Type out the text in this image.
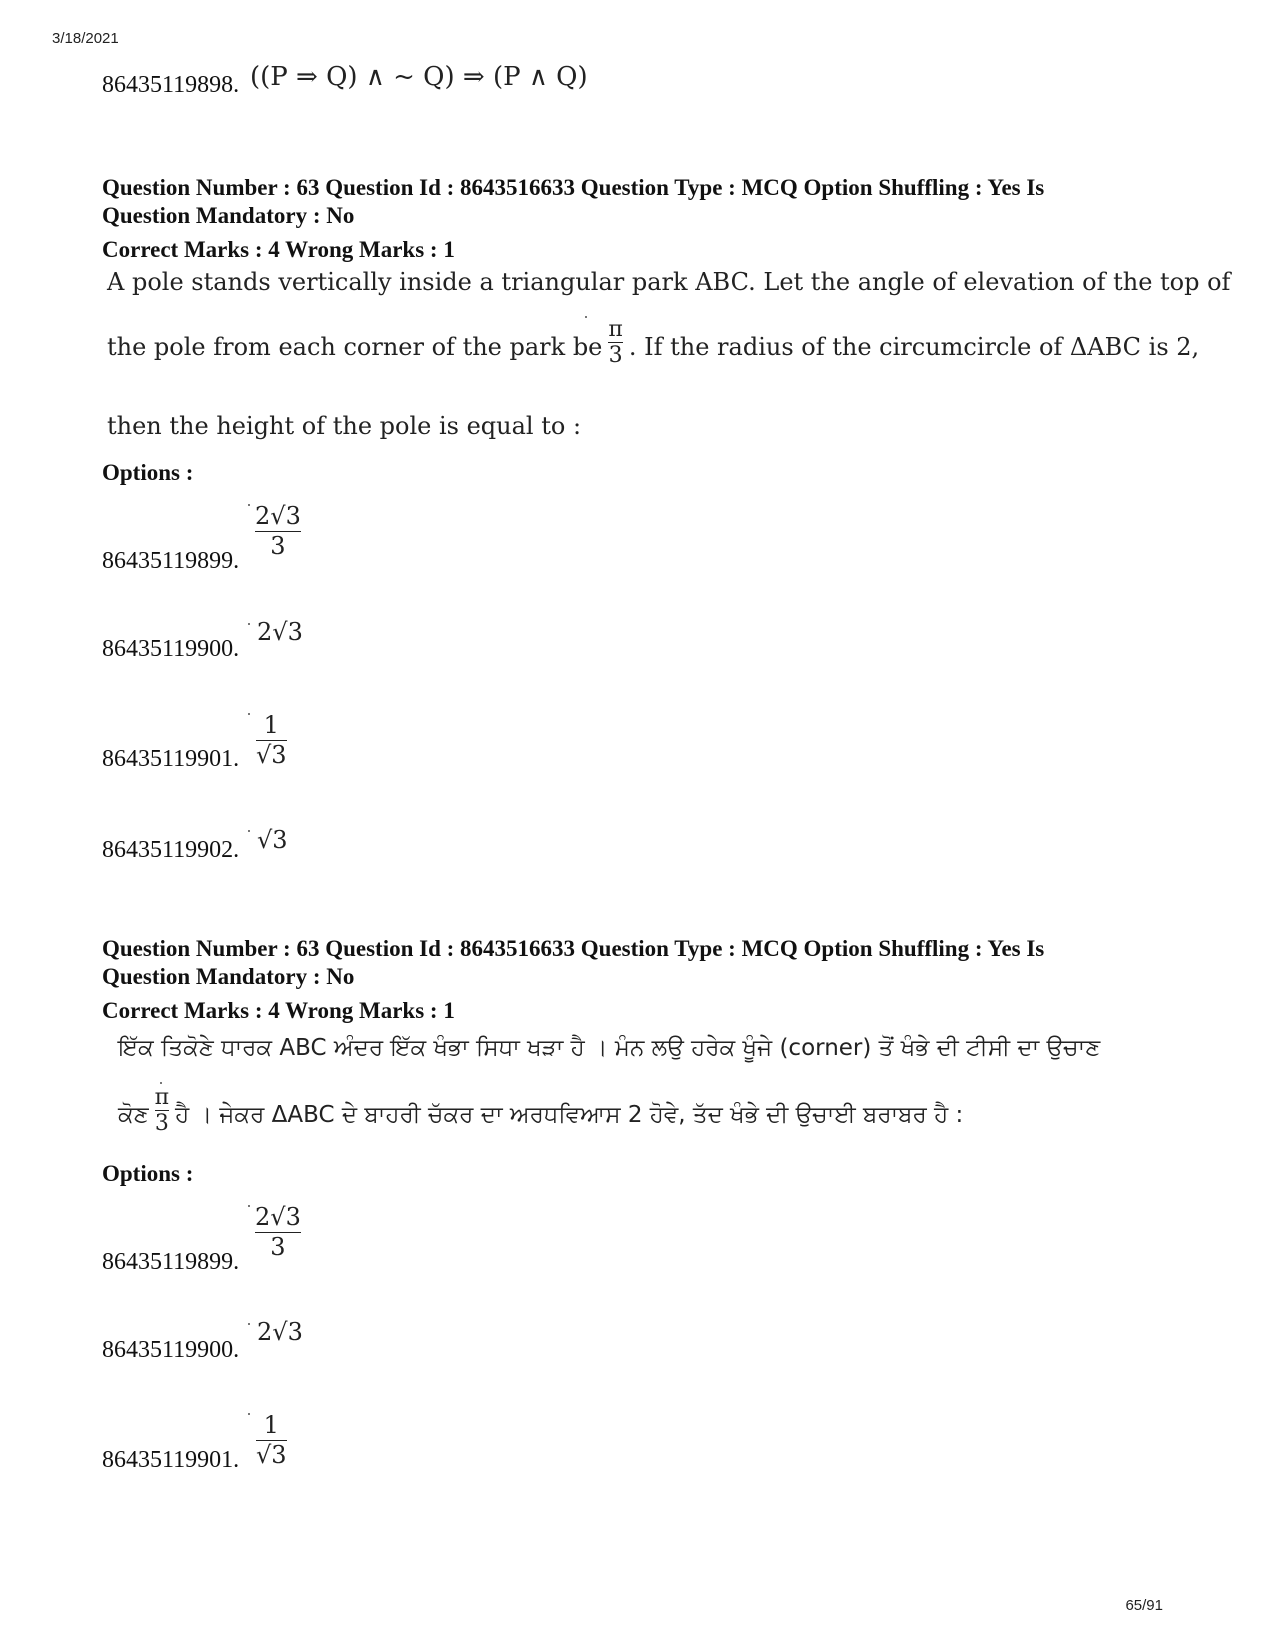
3/18/2021
86435119898. ((P ⇒ Q) ∧ ~ Q) ⇒ (P ∧ Q)
Question Number : 63 Question Id : 8643516633 Question Type : MCQ Option Shuffling : Yes Is
Question Mandatory : No
Correct Marks : 4 Wrong Marks : 1
A pole stands vertically inside a triangular park ABC. Let the angle of elevation of the top of
the pole from each corner of the park be $\frac{\pi}{3}$ . If the radius of the circumcircle of ΔABC is 2,
then the height of the pole is equal to :
Options :
2√3
3
86435119899.
2√3
86435119900.
1
√3
86435119901.
√3
86435119902.
Question Number : 63 Question Id : 8643516633 Question Type : MCQ Option Shuffling : Yes Is
Question Mandatory : No
Correct Marks : 4 Wrong Marks : 1
ਇੱਕ ਤਿਕੋਣੇ ਧਾਰਕ ABC ਅੰਦਰ ਇੱਕ ਖੰਭਾ ਸਿਧਾ ਖੜਾ ਹੈ । ਮੰਨ ਲਉ ਹਰੇਕ ਖੂੰਜੇ (corner) ਤੋਂ ਖੰਭੇ ਦੀ ਟੀਸੀ ਦਾ ਉਚਾਣ
ਕੋਣ $\frac{\pi}{3}$ ਹੈ । ਜੇਕਰ ΔABC ਦੇ ਬਾਹਰੀ ਚੱਕਰ ਦਾ ਅਰਧਵਿਆਸ 2 ਹੋਵੇ, ਤੱਦ ਖੰਭੇ ਦੀ ਉਚਾਈ ਬਰਾਬਰ ਹੈ :
Options :
2√3
3
86435119899.
2√3
86435119900.
1
√3
86435119901.
65/91
